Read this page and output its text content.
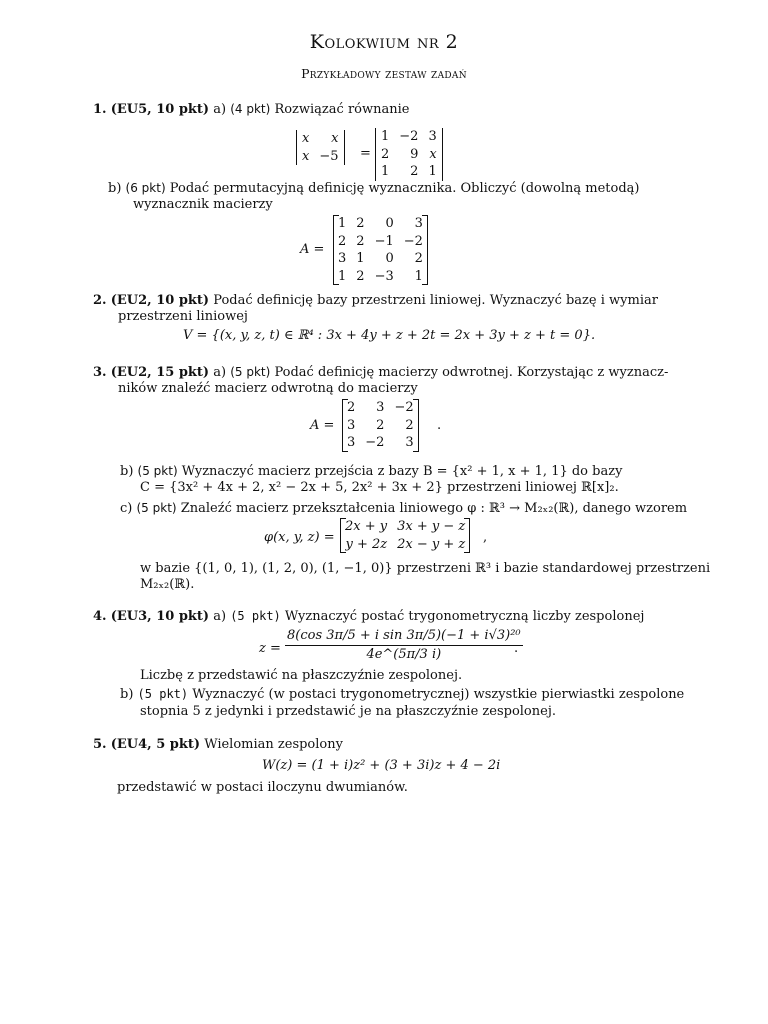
Kolokwium nr 2
Przykładowy zestaw zadań
1. (EU5, 10 pkt) a) (4 pkt) Rozwiązać równanie
x	x
x	−5 =
1	−2	3
2	9	x
1	2	1
b) (6 pkt) Podać permutacyjną definicję wyznacznika. Obliczyć (dowolną metodą)
wyznacznik macierzy
A =
1	2	0	3
2	2	−1	−2
3	1	0	2
1	2	−3	1

2. (EU2, 10 pkt) Podać definicję bazy przestrzeni liniowej. Wyznaczyć bazę i wymiar
przestrzeni liniowej
V = {(x, y, z, t) ∈ ℝ⁴ : 3x + 4y + z + 2t = 2x + 3y + z + t = 0}.
3. (EU2, 15 pkt) a) (5 pkt) Podać definicję macierzy odwrotnej. Korzystając z wyznacz-
ników znaleźć macierz odwrotną do macierzy
A =
2	3	−2
3	2	2
3	−2	3

.
b) (5 pkt) Wyznaczyć macierz przejścia z bazy B = {x² + 1, x + 1, 1} do bazy
C = {3x² + 4x + 2, x² − 2x + 5, 2x² + 3x + 2} przestrzeni liniowej ℝ[x]₂.
c) (5 pkt) Znaleźć macierz przekształcenia liniowego φ : ℝ³ → M₂ₓ₂(ℝ), danego wzorem
φ(x, y, z) =
2x + y	3x + y − z
y + 2z	2x − y + z ,
w bazie {(1, 0, 1), (1, 2, 0), (1, −1, 0)} przestrzeni ℝ³ i bazie standardowej przestrzeni
M₂ₓ₂(ℝ).
4. (EU3, 10 pkt) a) (5 pkt) Wyznaczyć postać trygonometryczną liczby zespolonej
$z = \frac{\text{8(cos 3π/5 + i sin 3π/5)(−1 + i√3)²⁰}}{4e\^{}(5\pi/3 i)}$
.
Liczbę z przedstawić na płaszczyźnie zespolonej.
b) (5 pkt) Wyznaczyć (w postaci trygonometrycznej) wszystkie pierwiastki zespolone
stopnia 5 z jedynki i przedstawić je na płaszczyźnie zespolonej.
5. (EU4, 5 pkt) Wielomian zespolony
W(z) = (1 + i)z² + (3 + 3i)z + 4 − 2i
przedstawić w postaci iloczynu dwumianów.
